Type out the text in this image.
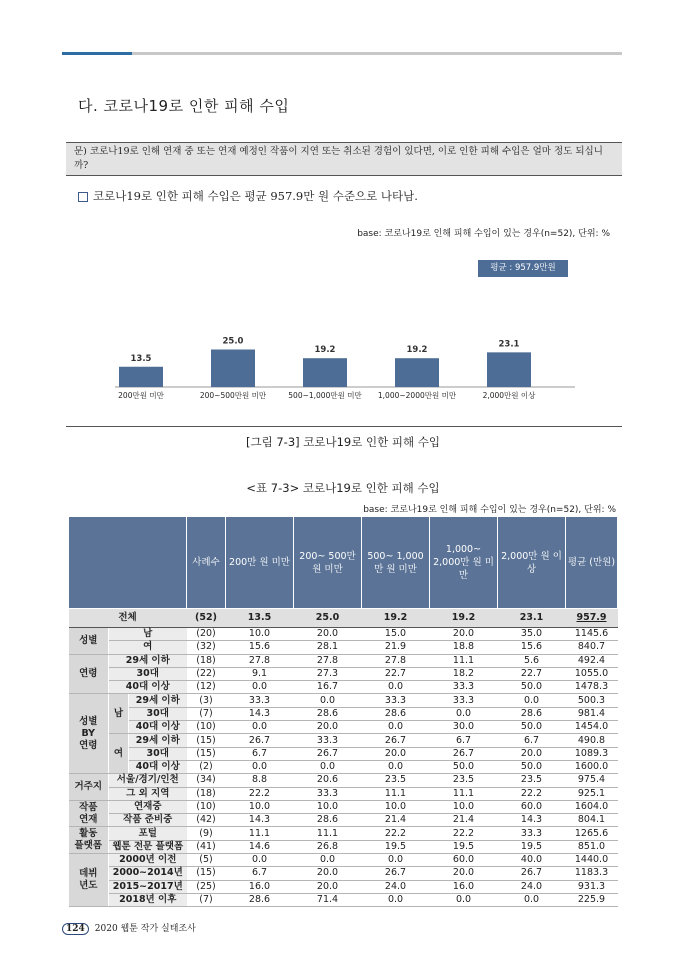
다. 코로나19로 인한 피해 수입
문) 코로나19로 인해 연재 중 또는 연재 예정인 작품이 지연 또는 취소된 경험이 있다면, 이로 인한 피해 수입은 얼마 정도 되십니까?
코로나19로 인한 피해 수입은 평균 957.9만 원 수준으로 나타남.
base: 코로나19로 인해 피해 수입이 있는 경우(n=52), 단위: %
평균 : 957.9만원
13.5
200만원 미만
25.0
200~500만원 미만
19.2
500~1,000만원 미만
19.2
1,000~2000만원 미만
23.1
2,000만원 이상
[그림 7-3] 코로나19로 인한 피해 수입
<표 7-3> 코로나19로 인한 피해 수입
base: 코로나19로 인해 피해 수입이 있는 경우(n=52), 단위: %
			사례수	200만 원 미만	200~ 500만 원 미만	500~ 1,000만 원 미만	1,000~ 2,000만 원 미만	2,000만 원 이상	평균 (만원)
전체			(52)	13.5	25.0	19.2	19.2	23.1	957.9
성별	남		(20)	10.0	20.0	15.0	20.0	35.0	1145.6
	여		(32)	15.6	28.1	21.9	18.8	15.6	840.7
연령	29세 이하		(18)	27.8	27.8	27.8	11.1	5.6	492.4
	30대		(22)	9.1	27.3	22.7	18.2	22.7	1055.0
	40대 이상		(12)	0.0	16.7	0.0	33.3	50.0	1478.3
성별
BY
연령	남	29세 이하	(3)	33.3	0.0	33.3	33.3	0.0	500.3
		30대	(7)	14.3	28.6	28.6	0.0	28.6	981.4
		40대 이상	(10)	0.0	20.0	0.0	30.0	50.0	1454.0
	여	29세 이하	(15)	26.7	33.3	26.7	6.7	6.7	490.8
		30대	(15)	6.7	26.7	20.0	26.7	20.0	1089.3
		40대 이상	(2)	0.0	0.0	0.0	50.0	50.0	1600.0
거주지	서울/경기/인천		(34)	8.8	20.6	23.5	23.5	23.5	975.4
	그 외 지역		(18)	22.2	33.3	11.1	11.1	22.2	925.1
작품
연재	연재중		(10)	10.0	10.0	10.0	10.0	60.0	1604.0
	작품 준비중		(42)	14.3	28.6	21.4	21.4	14.3	804.1
활동
플랫폼	포털		(9)	11.1	11.1	22.2	22.2	33.3	1265.6
	웹툰 전문 플랫폼		(41)	14.6	26.8	19.5	19.5	19.5	851.0
데뷔
년도	2000년 이전		(5)	0.0	0.0	0.0	60.0	40.0	1440.0
	2000~2014년		(15)	6.7	20.0	26.7	20.0	26.7	1183.3
	2015~2017년		(25)	16.0	20.0	24.0	16.0	24.0	931.3
	2018년 이후		(7)	28.6	71.4	0.0	0.0	0.0	225.9
124 2020 웹툰 작가 실태조사
